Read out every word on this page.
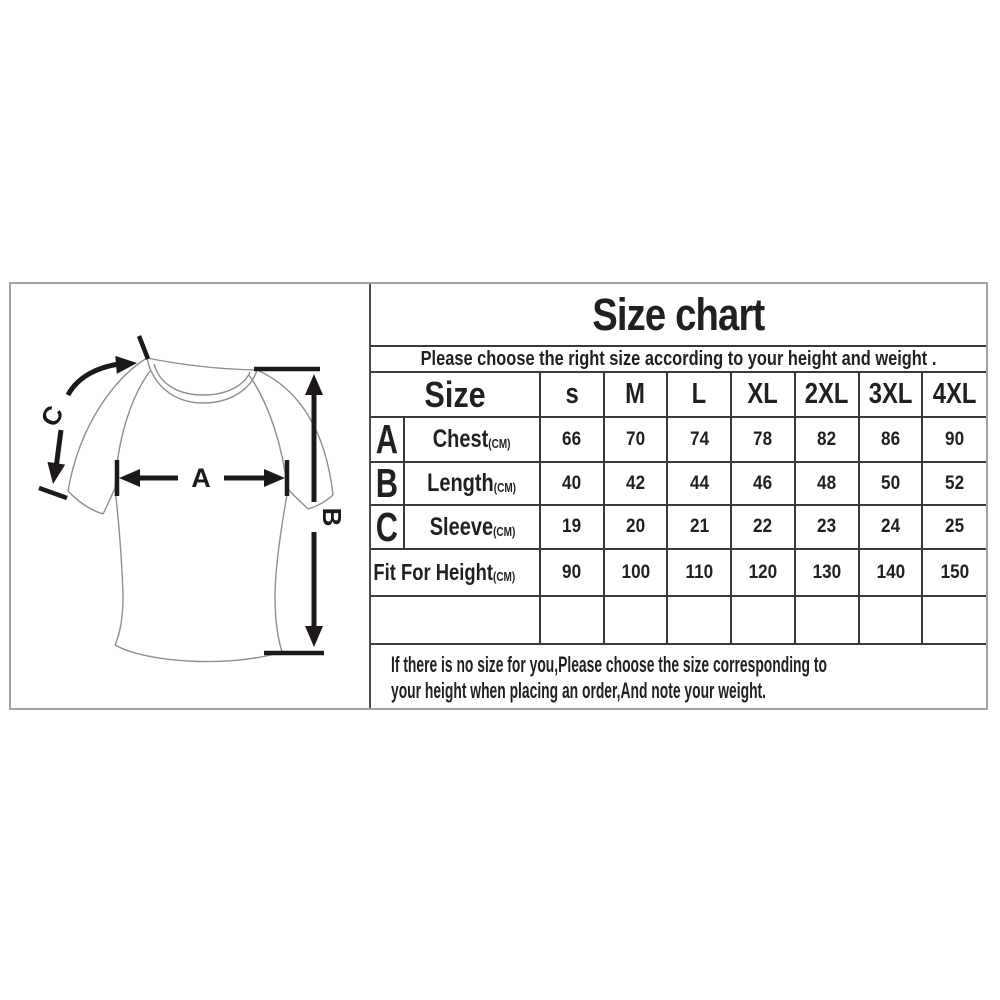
A
B
C
Size chart
Please choose the right size according to your height and weight .
Size		s	M	L	XL	2XL	3XL	4XL
A	Chest(CM)	66	70	74	78	82	86	90
B	Length(CM)	40	42	44	46	48	50	52
C	Sleeve(CM)	19	20	21	22	23	24	25
Fit For Height(CM)		90	100	110	120	130	140	150

If there is no size for you,Please choose the size corresponding to
your height when placing an order,And note your weight.
